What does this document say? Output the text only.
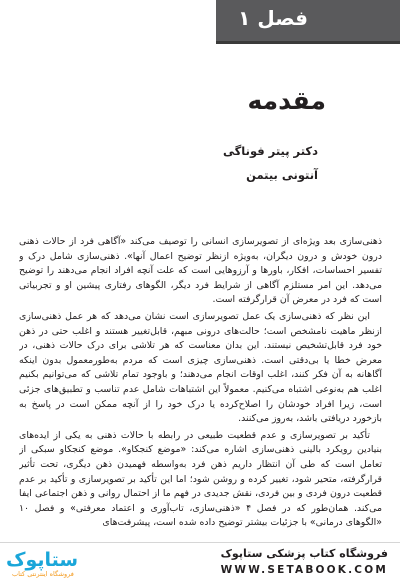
فصل ۱
مقدمه
دکتر پیتر فوناگی
آنتونی بیتمن

ذهنی‌سازی بعد ویژه‌ای از تصویرسازی انسانی را توصیف می‌کند «آگاهی فرد از حالات ذهنی درون خودش و درون دیگران، به‌ویژه ازنظر توضیح اعمال آنها». ذهنی‌سازی شامل درک و تفسیر احساسات، افکار، باورها و آرزوهایی است که علت آنچه افراد انجام می‌دهند را توضیح می‌دهد. این امر مستلزم آگاهی از شرایط فرد دیگر، الگوهای رفتاری پیشین او و تجربیاتی است که فرد در معرض آن قرارگرفته است.

این نظر که ذهنی‌سازی یک عمل تصویرسازی است نشان می‌دهد که هر عمل ذهنی‌سازی ازنظر ماهیت نامشخص است؛ حالت‌های درونی مبهم، قابل‌تغییر هستند و اغلب حتی در ذهن خود فرد قابل‌تشخیص نیستند. این بدان معناست که هر تلاشی برای درک حالات ذهنی، در معرض خطا یا بی‌دقتی است. ذهنی‌سازی چیزی است که مردم به‌طورمعمول بدون اینکه آگاهانه به آن فکر کنند، اغلب اوقات انجام می‌دهند؛ و باوجود تمام تلاشی که می‌توانیم بکنیم اغلب هم به‌نوعی اشتباه می‌کنیم. معمولاً این اشتباهات شامل عدم تناسب و تطبیق‌های جزئی است، زیرا افراد خودشان را اصلاح‌کرده یا درک خود را از آنچه ممکن است در پاسخ به بازخورد دریافتی باشد، به‌روز می‌کنند.

تأکید بر تصویرسازی و عدم قطعیت طبیعی در رابطه با حالات ذهنی به یکی از ایده‌های بنیادین رویکرد بالینی ذهنی‌سازی اشاره می‌کند: «موضع کنجکاو». موضع کنجکاو سبکی از تعامل است که طی آن انتظار داریم ذهن فرد به‌واسطه فهمیدن ذهن دیگری، تحت تأثیر قرارگرفته، متحیر شود، تغییر کرده و روشن شود؛ اما این تأکید بر تصویرسازی و تأکید بر عدم قطعیت درون فردی و بین فردی، نقش جدیدی در فهم ما از احتمال روانی و ذهن اجتماعی ایفا می‌کند. همان‌طور که در فصل ۴ «ذهنی‌سازی، تاب‌آوری و اعتماد معرفتی» و فصل ۱۰ «الگوهای درمانی» با جزئیات بیشتر توضیح داده شده است، پیشرفت‌های

ستاپوک
فروشگاه اینترنتی کتاب
فروشگاه کتاب پزشکی ستاپوک
WWW.SETABOOK.COM
